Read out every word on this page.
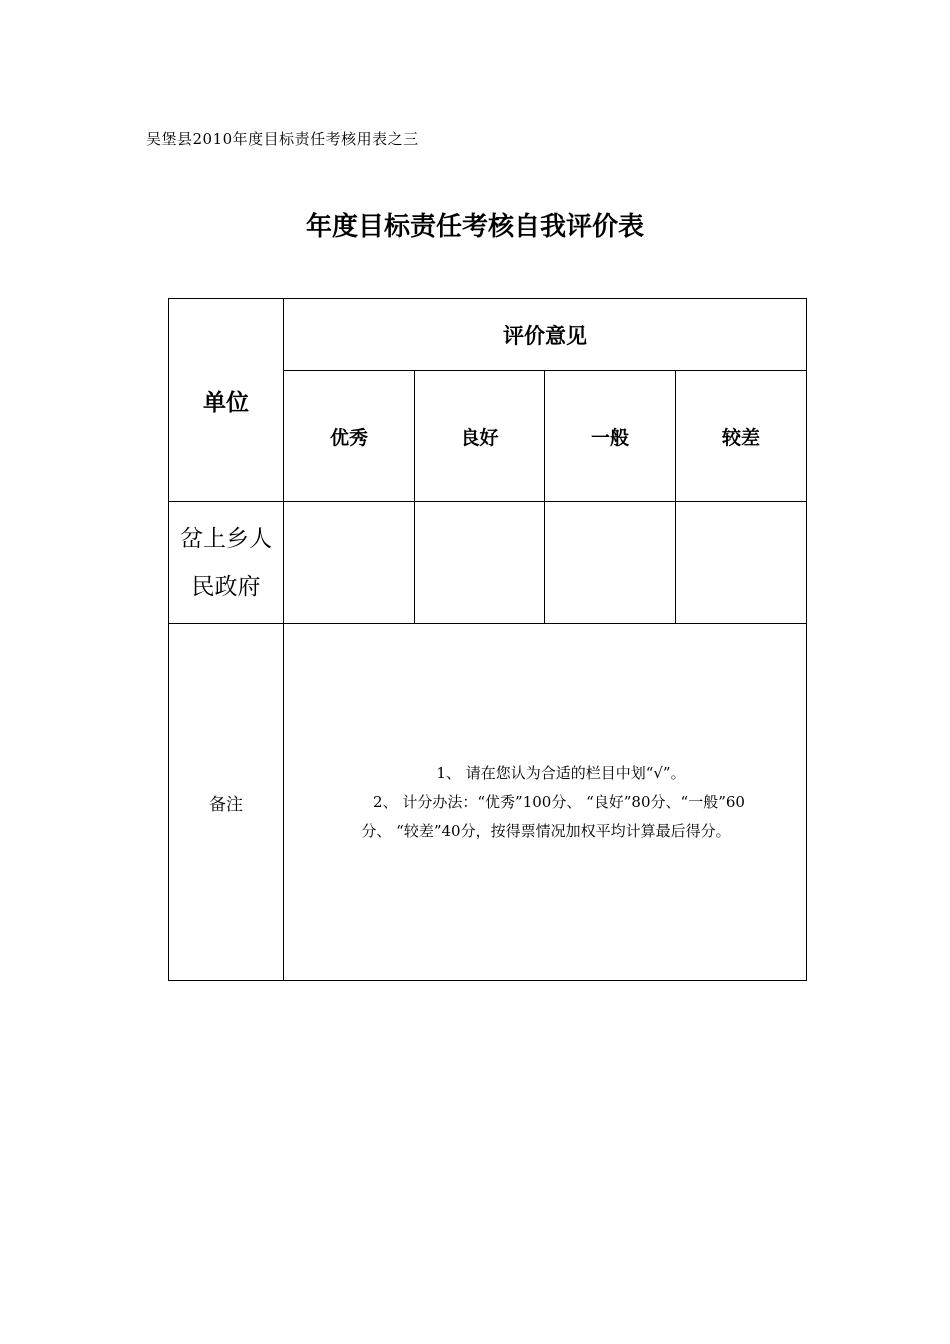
吴堡县2010年度目标责任考核用表之三
年度目标责任考核自我评价表
单位	评价意见			
	优秀	良好	一般	较差

岔上乡人
民政府				

备注	1、 请在您认为合适的栏目中划“√”。
2、 计分办法：“优秀”100分、 “良好”80分、“一般”60
分、 “较差”40分，按得票情况加权平均计算最后得分。			
